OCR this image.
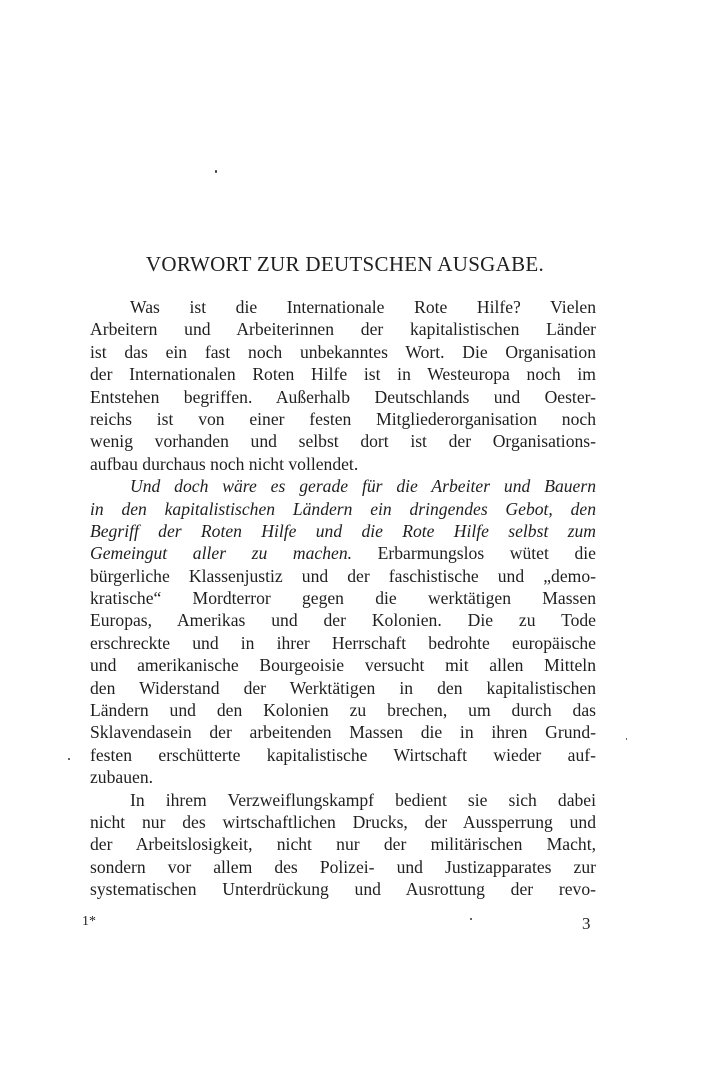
VORWORT ZUR DEUTSCHEN AUSGABE.
Was ist die Internationale Rote Hilfe? Vielen
Arbeitern und Arbeiterinnen der kapitalistischen Länder
ist das ein fast noch unbekanntes Wort. Die Organisation
der Internationalen Roten Hilfe ist in Westeuropa noch im
Entstehen begriffen. Außerhalb Deutschlands und Oester-
reichs ist von einer festen Mitgliederorganisation noch
wenig vorhanden und selbst dort ist der Organisations-
aufbau durchaus noch nicht vollendet.
Und doch wäre es gerade für die Arbeiter und Bauern
in den kapitalistischen Ländern ein dringendes Gebot, den
Begriff der Roten Hilfe und die Rote Hilfe selbst zum
Gemeingut aller zu machen. Erbarmungslos wütet die
bürgerliche Klassenjustiz und der faschistische und „demo-
kratische“ Mordterror gegen die werktätigen Massen
Europas, Amerikas und der Kolonien. Die zu Tode
erschreckte und in ihrer Herrschaft bedrohte europäische
und amerikanische Bourgeoisie versucht mit allen Mitteln
den Widerstand der Werktätigen in den kapitalistischen
Ländern und den Kolonien zu brechen, um durch das
Sklavendasein der arbeitenden Massen die in ihren Grund-
festen erschütterte kapitalistische Wirtschaft wieder auf-
zubauen.
In ihrem Verzweiflungskampf bedient sie sich dabei
nicht nur des wirtschaftlichen Drucks, der Aussperrung und
der Arbeitslosigkeit, nicht nur der militärischen Macht,
sondern vor allem des Polizei- und Justizapparates zur
systematischen Unterdrückung und Ausrottung der revo-
1*	3
